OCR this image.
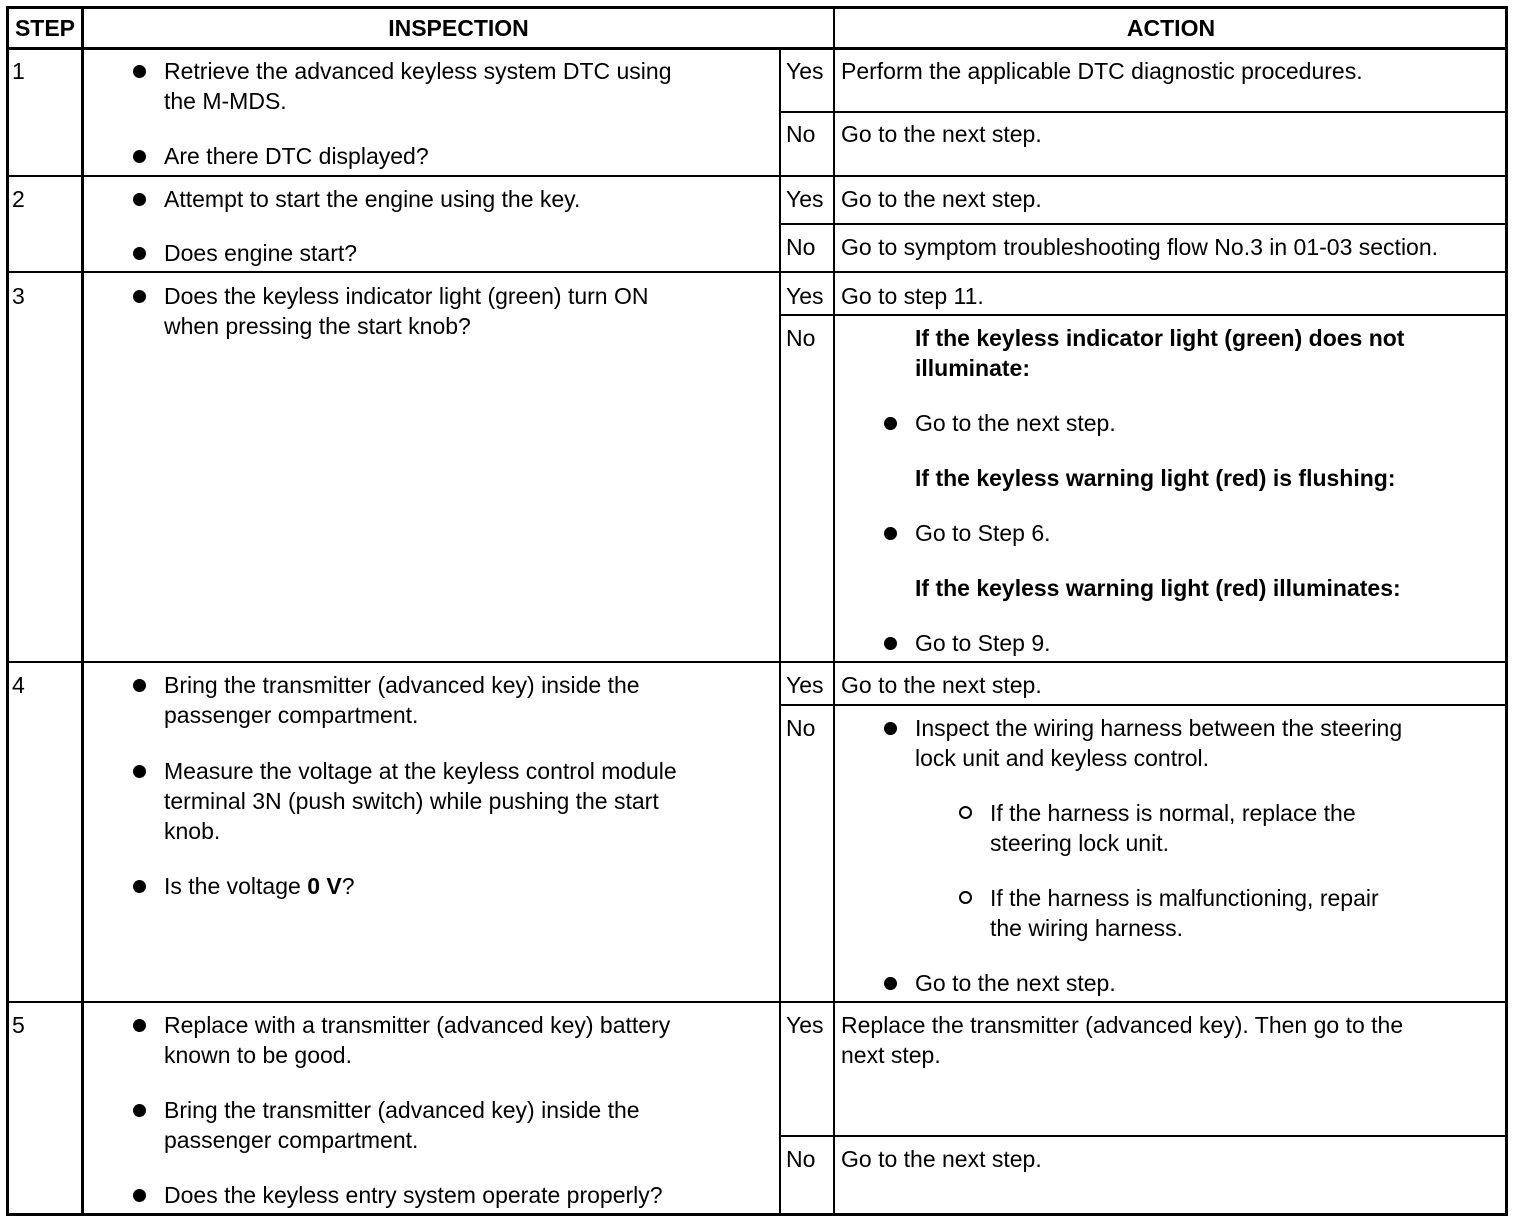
STEP	INSPECTION	ACTION
1	Retrieve the advanced keyless system DTC using
the M-MDS.
Are there DTC displayed?
Yes Perform the applicable DTC diagnostic procedures.
No Go to the next step.
2	Attempt to start the engine using the key.
Does engine start?
Yes Go to the next step.
No Go to symptom troubleshooting flow No.3 in 01-03 section.
3	Does the keyless indicator light (green) turn ON
when pressing the start knob?
Yes Go to step 11.
No	If the keyless indicator light (green) does not
illuminate:
Go to the next step.
If the keyless warning light (red) is flushing:
Go to Step 6.
If the keyless warning light (red) illuminates:
Go to Step 9.
4	Bring the transmitter (advanced key) inside the
passenger compartment.
Measure the voltage at the keyless control module
terminal 3N (push switch) while pushing the start
knob.
Is the voltage 0 V?
Yes Go to the next step.
No	Inspect the wiring harness between the steering
lock unit and keyless control.
If the harness is normal, replace the
steering lock unit.
If the harness is malfunctioning, repair
the wiring harness.
Go to the next step.
5	Replace with a transmitter (advanced key) battery
known to be good.
Bring the transmitter (advanced key) inside the
passenger compartment.
Does the keyless entry system operate properly?
Yes Replace the transmitter (advanced key). Then go to the
next step.
No Go to the next step.
